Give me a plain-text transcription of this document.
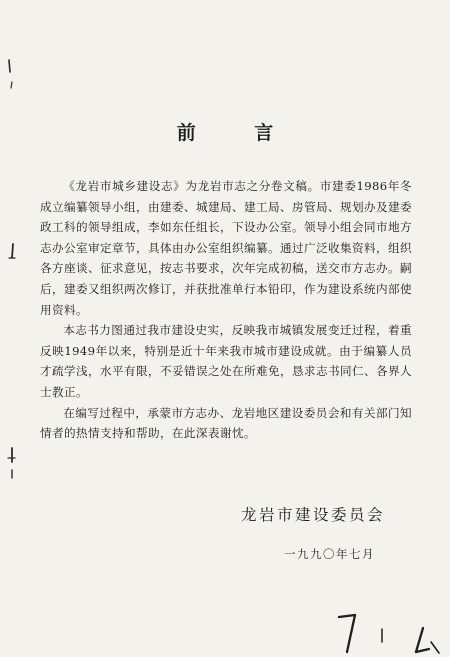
前 言

《龙岩市城乡建设志》为龙岩市志之分卷文稿。市建委1986年冬成立编纂领导小组，由建委、城建局、建工局、房管局、规划办及建委政工科的领导组成，李如东任组长，下设办公室。领导小组会同市地方志办公室审定章节，具体由办公室组织编纂。通过广泛收集资料，组织各方座谈、征求意见，按志书要求，次年完成初稿，送交市方志办。嗣后，建委又组织两次修订，并获批准单行本铅印，作为建设系统内部使用资料。

本志书力图通过我市建设史实，反映我市城镇发展变迁过程，着重反映1949年以来，特别是近十年来我市城市建设成就。由于编纂人员才疏学浅，水平有限，不妥错误之处在所难免，恳求志书同仁、各界人士教正。

在编写过程中，承蒙市方志办、龙岩地区建设委员会和有关部门知情者的热情支持和帮助，在此深表谢忱。

龙岩市建设委员会
一九九〇年七月
